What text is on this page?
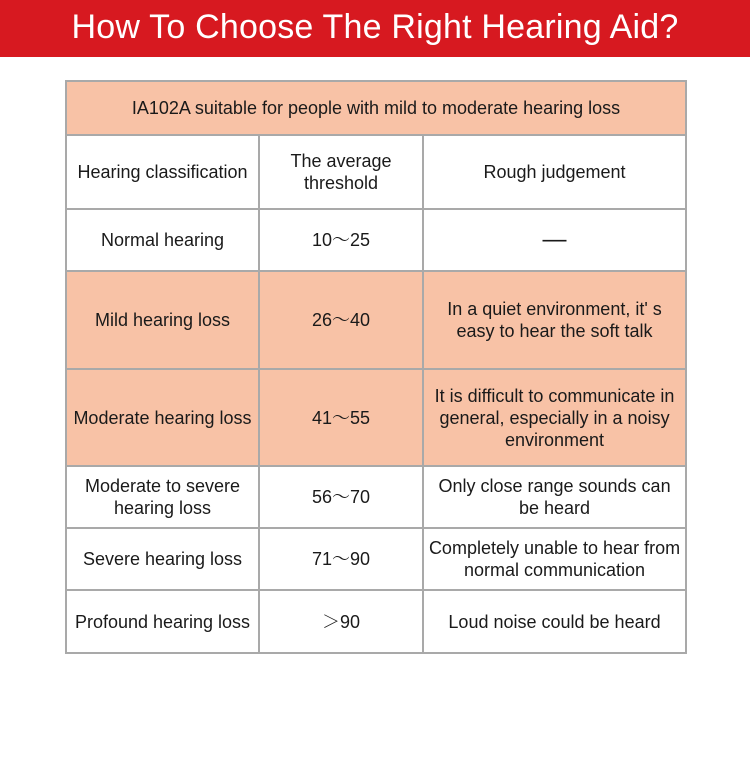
How To Choose The Right Hearing Aid?
IA102A suitable for people with mild to moderate hearing loss		
Hearing classification	The average threshold	Rough judgement
Normal hearing	10～25	—
Mild hearing loss	26～40	In a quiet environment, it' s easy to hear the soft talk
Moderate hearing loss	41～55	It is difficult to communicate in general, especially in a noisy environment
Moderate to severe hearing loss	56～70	Only close range sounds can be heard
Severe hearing loss	71～90	Completely unable to hear from normal communication
Profound hearing loss	＞90	Loud noise could be heard
